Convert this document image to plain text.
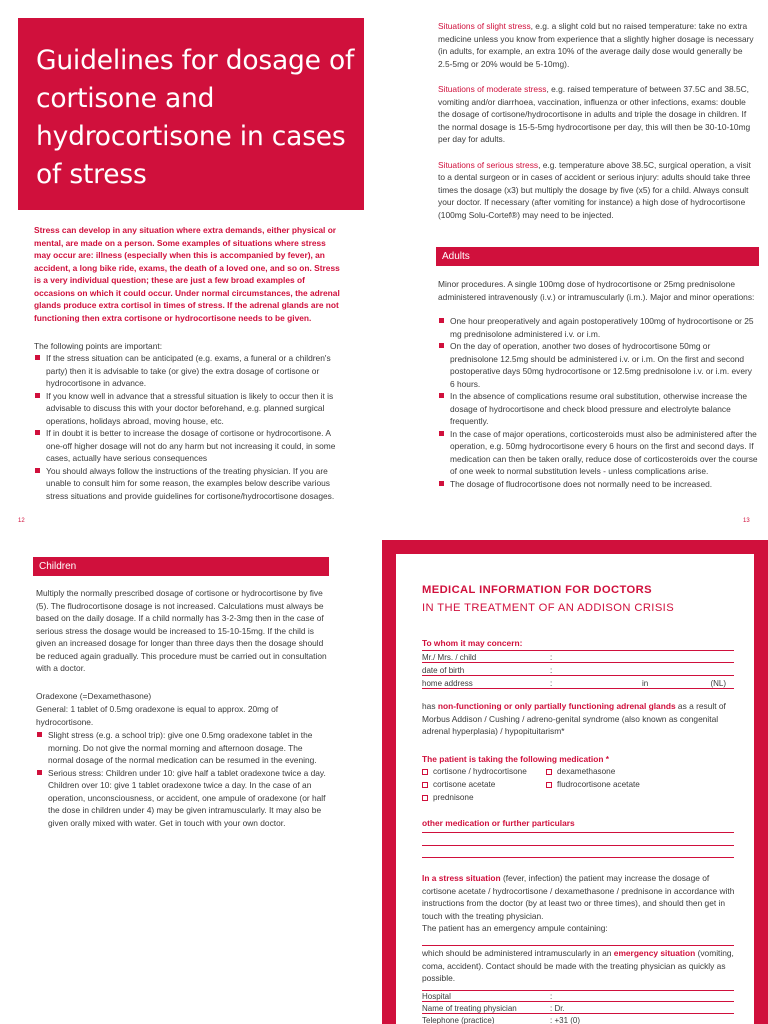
Guidelines for dosage of cortisone and hydrocortisone in cases of stress
Stress can develop in any situation where extra demands, either physical or mental, are made on a person. Some examples of situations where stress may occur are: illness (especially when this is accompanied by fever), an accident, a long bike ride, exams, the death of a loved one, and so on. Stress is a very individual question; these are just a few broad examples of occasions on which it could occur. Under normal circumstances, the adrenal glands produce extra cortisol in times of stress. If the adrenal glands are not functioning then extra cortisone or hydrocortisone needs to be given.
The following points are important:
If the stress situation can be anticipated (e.g. exams, a funeral or a children's party) then it is advisable to take (or give) the extra dosage of cortisone or hydrocortisone in advance.
If you know well in advance that a stressful situation is likely to occur then it is advisable to discuss this with your doctor beforehand, e.g. planned surgical operations, holidays abroad, moving house, etc.
If in doubt it is better to increase the dosage of cortisone or hydrocortisone. A one-off higher dosage will not do any harm but not increasing it could, in some cases, actually have serious consequences
You should always follow the instructions of the treating physician. If you are unable to consult him for some reason, the examples below describe various stress situations and provide guidelines for cortisone/hydrocortisone dosages.
12	13

Situations of slight stress, e.g. a slight cold but no raised temperature: take no extra medicine unless you know from experience that a slightly higher dosage is necessary (in adults, for example, an extra 10% of the average daily dose would generally be 2.5-5mg or 20% would be 5-10mg).

Situations of moderate stress, e.g. raised temperature of between 37.5C and 38.5C, vomiting and/or diarrhoea, vaccination, influenza or other infections, exams: double the dosage of cortisone/hydrocortisone in adults and triple the dosage in children. If the normal dosage is 15-5-5mg hydrocortisone per day, this will then be 30-10-10mg per day for adults.

Situations of serious stress, e.g. temperature above 38.5C, surgical operation, a visit to a dental surgeon or in cases of accident or serious injury: adults should take three times the dosage (x3) but multiply the dosage by five (x5) for a child. Always consult your doctor. If necessary (after vomiting for instance) a high dose of hydrocortisone (100mg Solu-Cortef®) may need to be injected.

Adults
Minor procedures. A single 100mg dose of hydrocortisone or 25mg prednisolone administered intravenously (i.v.) or intramuscularly (i.m.). Major and minor operations:
One hour preoperatively and again postoperatively 100mg of hydrocortisone or 25 mg prednisolone administered i.v. or i.m.
On the day of operation, another two doses of hydrocortisone 50mg or prednisolone 12.5mg should be administered i.v. or i.m. On the first and second postoperative days 50mg hydrocortisone or 12.5mg prednisolone i.v. or i.m. every 6 hours.
In the absence of complications resume oral substitution, otherwise increase the dosage of hydrocortisone and check blood pressure and electrolyte balance frequently.
In the case of major operations, corticosteroids must also be administered after the operation, e.g. 50mg hydrocortisone every 6 hours on the first and second days. If medication can then be taken orally, reduce dose of corticosteroids over the course of one week to normal substitution levels - unless complications arise.
The dosage of fludrocortisone does not normally need to be increased.
Children
Multiply the normally prescribed dosage of cortisone or hydrocortisone by five (5). The fludrocortisone dosage is not increased. Calculations must always be based on the daily dosage. If a child normally has 3-2-3mg then in the case of serious stress the dosage would be increased to 15-10-15mg. If the child is given an increased dosage for longer than three days then the dosage should be reduced again gradually. This procedure must be carried out in consultation with a doctor.
Oradexone (=Dexamethasone)
General: 1 tablet of 0.5mg oradexone is equal to approx. 20mg of hydrocortisone.
Slight stress (e.g. a school trip): give one 0.5mg oradexone tablet in the morning. Do not give the normal morning and afternoon dosage. The normal dosage of the normal medication can be resumed in the evening.
Serious stress: Children under 10: give half a tablet oradexone twice a day. Children over 10: give 1 tablet oradexone twice a day. In the case of an operation, unconsciousness, or accident, one ampule of oradexone (or half the dose in children under 4) may be given intramuscularly. It may also be given orally mixed with water. Get in touch with your own doctor.
MEDICAL INFORMATION FOR DOCTORS
IN THE TREATMENT OF AN ADDISON CRISIS
To whom it may concern:
Mr./ Mrs. / child	:
date of birth	:
home address	:	in	(NL)
has non-functioning or only partially functioning adrenal glands as a result of Morbus Addison / Cushing / adreno-genital syndrome (also known as congenital adrenal hyperplasia) / hypopituitarism*
The patient is taking the following medication *
cortisone / hydrocortisone	dexamethasone
cortisone acetate	fludrocortisone acetate
prednisone
other medication or further particulars
In a stress situation (fever, infection) the patient may increase the dosage of cortisone acetate / hydrocortisone / dexamethasone / prednisone in accordance with instructions from the doctor (by at least two or three times), and should then get in touch with the treating physician.
The patient has an emergency ampule containing:
which should be administered intramuscularly in an emergency situation (vomiting, coma, accident). Contact should be made with the treating physician as quickly as possible.
Hospital	:
Name of treating physician	: Dr.
Telephone (practice)	: +31 (0)
